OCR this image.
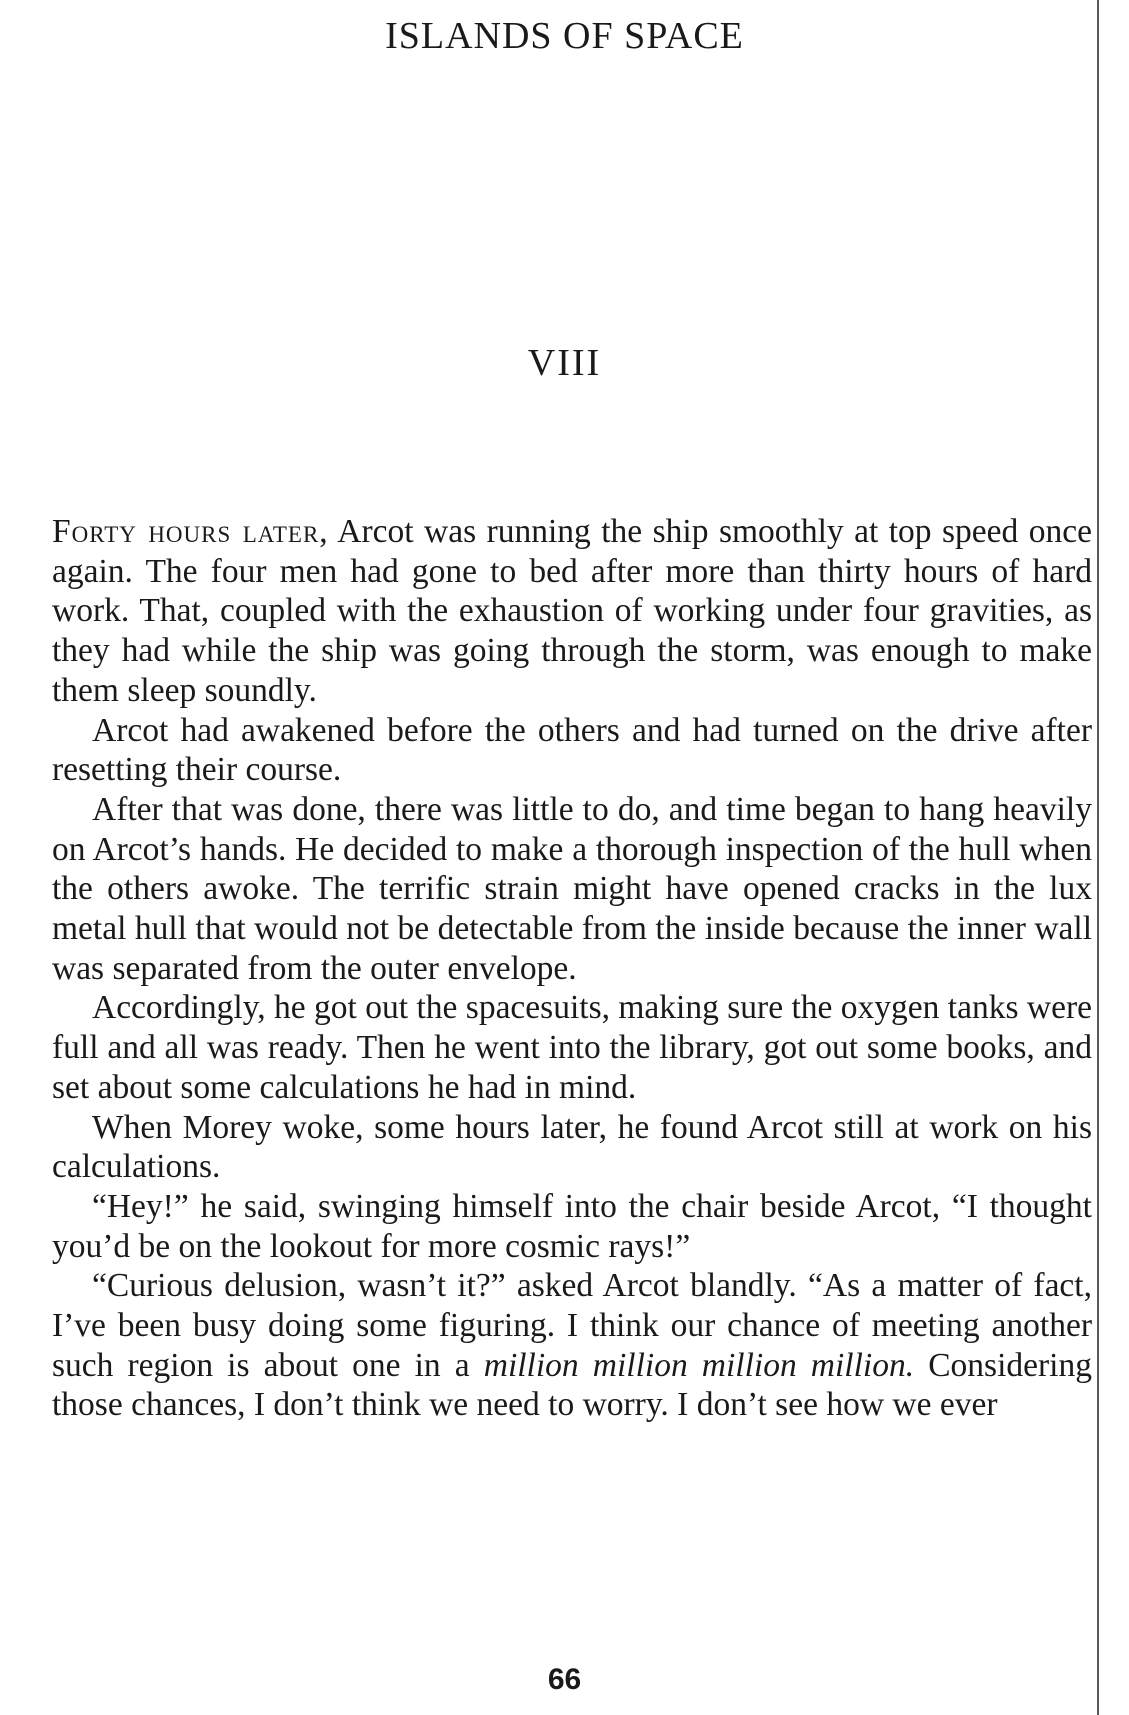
ISLANDS OF SPACE
VIII

Forty hours later, Arcot was running the ship smoothly at top speed once again. The four men had gone to bed after more than thirty hours of hard work. That, coupled with the exhaustion of working under four gravities, as they had while the ship was going through the storm, was enough to make them sleep soundly.

Arcot had awakened before the others and had turned on the drive after resetting their course.

After that was done, there was little to do, and time began to hang heavily on Arcot’s hands. He decided to make a thorough inspection of the hull when the others awoke. The terrific strain might have opened cracks in the lux metal hull that would not be detectable from the inside because the inner wall was separated from the outer envelope.

Accordingly, he got out the spacesuits, making sure the oxygen tanks were full and all was ready. Then he went into the library, got out some books, and set about some calculations he had in mind.

When Morey woke, some hours later, he found Arcot still at work on his calculations.

“Hey!” he said, swinging himself into the chair beside Arcot, “I thought you’d be on the lookout for more cosmic rays!”

“Curious delusion, wasn’t it?” asked Arcot blandly. “As a matter of fact, I’ve been busy doing some figuring. I think our chance of meeting another such region is about one in a million million million million. Considering those chances, I don’t think we need to worry. I don’t see how we ever

66
